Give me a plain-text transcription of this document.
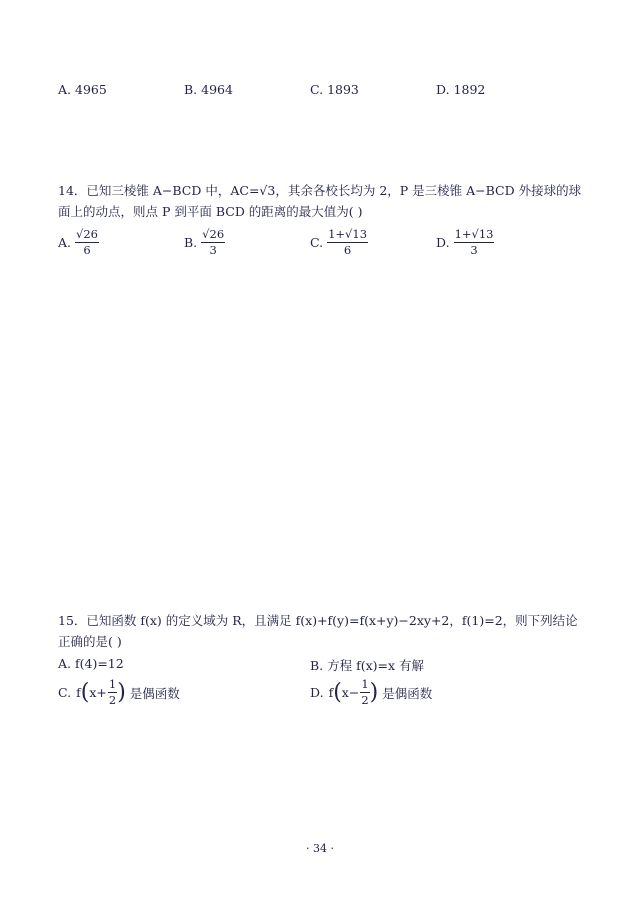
A. 4965	B. 4964	C. 1893	D. 1892
14．已知三棱锥 A−BCD 中，AC=√3，其余各校长均为 2，P 是三棱锥 A−BCD 外接球的球
面上的动点，则点 P 到平面 BCD 的距离的最大值为( )
A. $\frac{√26}{6}$	B. $\frac{√26}{3}$	C. $\frac{1+√13}{6}$	D. $\frac{1+√13}{3}$
15．已知函数 f(x) 的定义域为 R，且满足 f(x)+f(y)=f(x+y)−2xy+2，f(1)=2，则下列结论
正确的是( )
A. f(4)=12	B. 方程 f(x)=x 有解
C. f ( $x+ \frac{1}{2}$ ) 是偶函数	D. f ( $x- \frac{1}{2}$ ) 是偶函数
· 34 ·
